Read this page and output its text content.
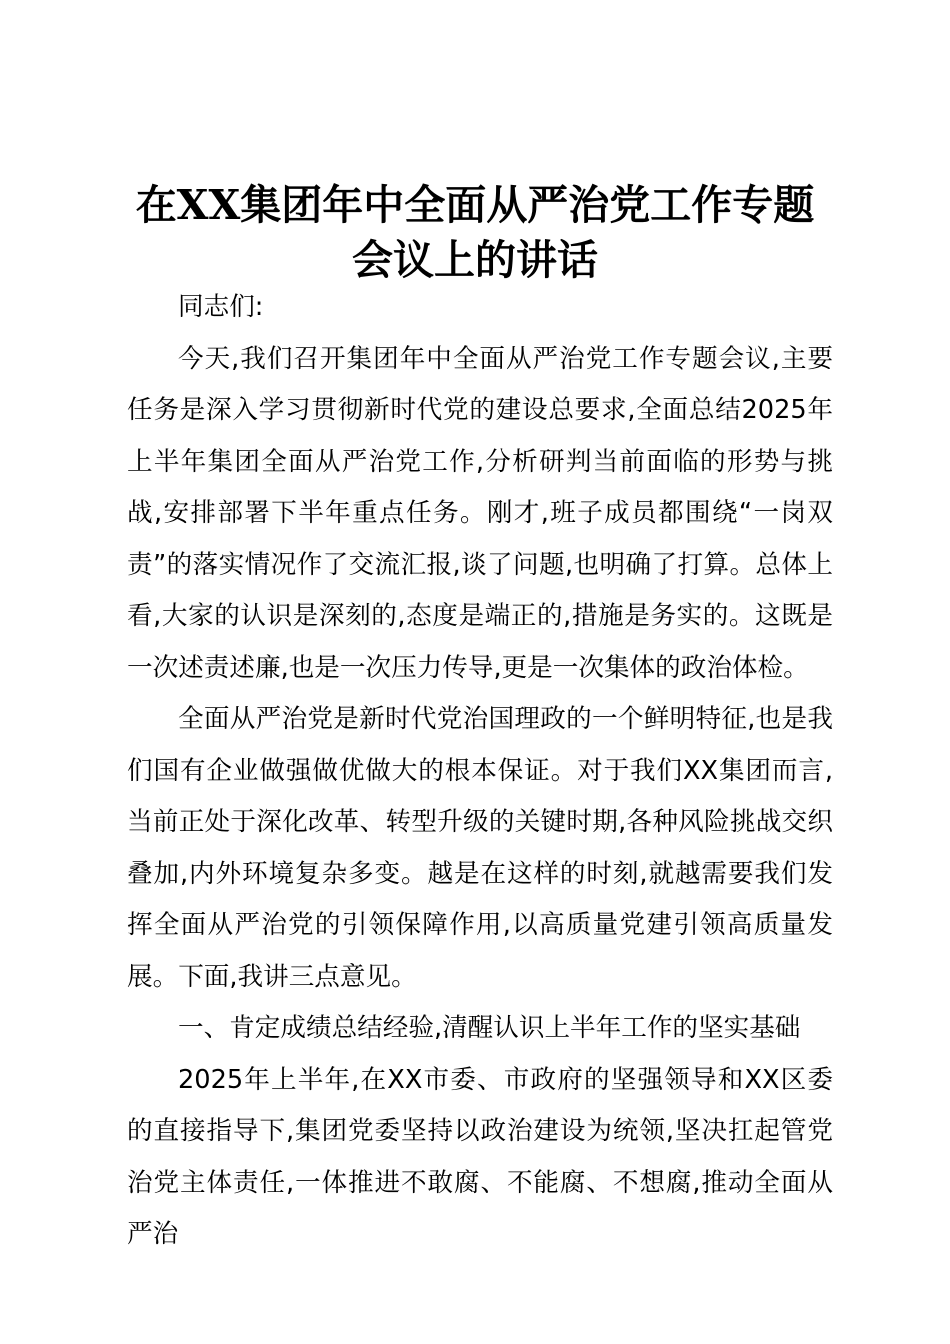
在XX集团年中全面从严治党工作专题会议上的讲话

同志们:

今天,我们召开集团年中全面从严治党工作专题会议,主要任务是深入学习贯彻新时代党的建设总要求,全面总结2025年上半年集团全面从严治党工作,分析研判当前面临的形势与挑战,安排部署下半年重点任务。刚才,班子成员都围绕“一岗双责”的落实情况作了交流汇报,谈了问题,也明确了打算。总体上看,大家的认识是深刻的,态度是端正的,措施是务实的。这既是一次述责述廉,也是一次压力传导,更是一次集体的政治体检。

全面从严治党是新时代党治国理政的一个鲜明特征,也是我们国有企业做强做优做大的根本保证。对于我们XX集团而言,当前正处于深化改革、转型升级的关键时期,各种风险挑战交织叠加,内外环境复杂多变。越是在这样的时刻,就越需要我们发挥全面从严治党的引领保障作用,以高质量党建引领高质量发展。下面,我讲三点意见。

一、肯定成绩总结经验,清醒认识上半年工作的坚实基础

2025年上半年,在XX市委、市政府的坚强领导和XX区委的直接指导下,集团党委坚持以政治建设为统领,坚决扛起管党治党主体责任,一体推进不敢腐、不能腐、不想腐,推动全面从严治
